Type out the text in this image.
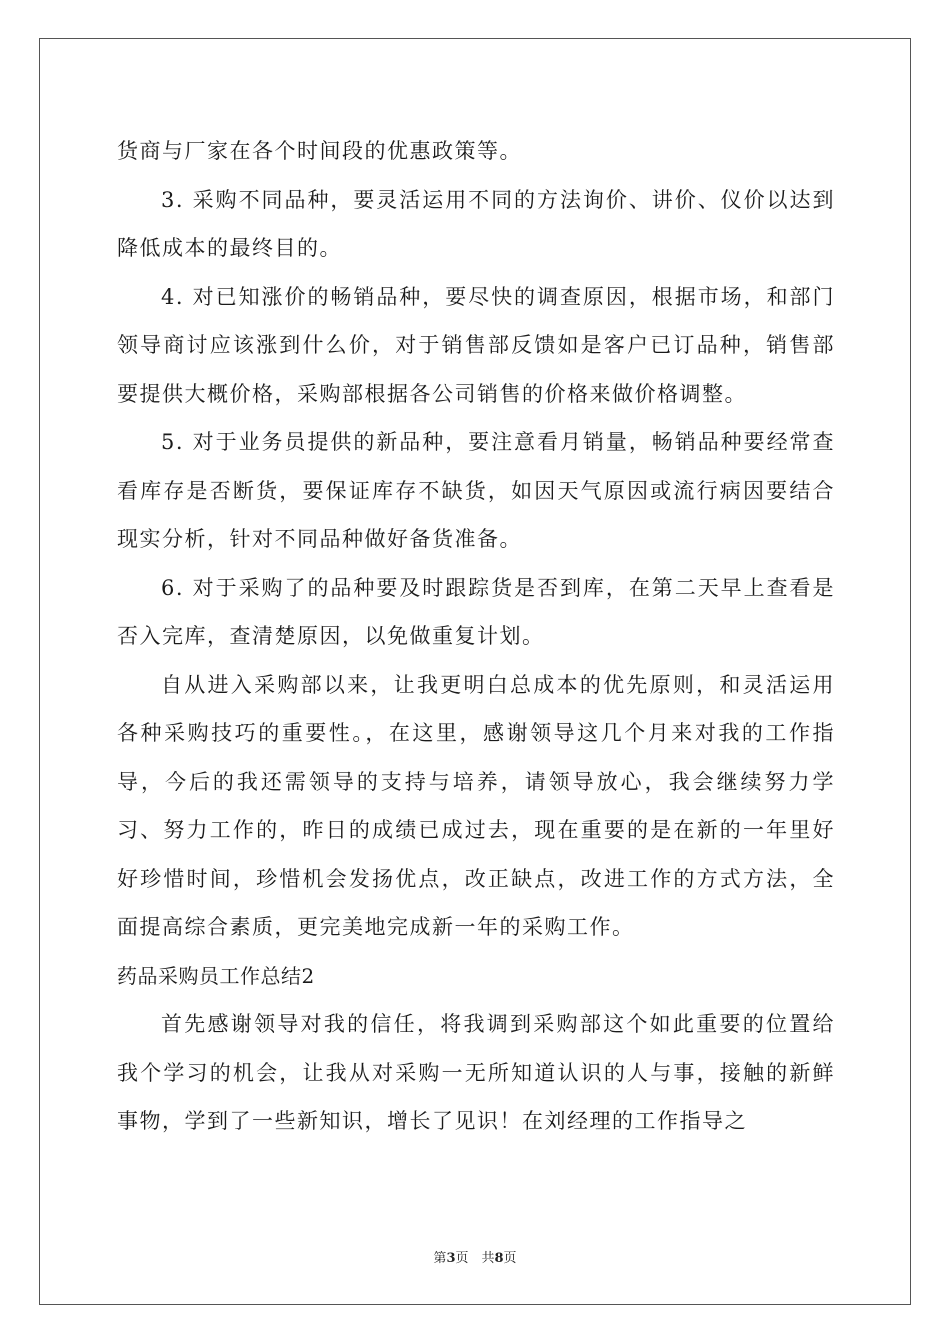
货商与厂家在各个时间段的优惠政策等。

3. 采购不同品种，要灵活运用不同的方法询价、讲价、仪价以达到降低成本的最终目的。

4. 对已知涨价的畅销品种，要尽快的调查原因，根据市场，和部门领导商讨应该涨到什么价，对于销售部反馈如是客户已订品种，销售部要提供大概价格，采购部根据各公司销售的价格来做价格调整。

5. 对于业务员提供的新品种，要注意看月销量，畅销品种要经常查看库存是否断货，要保证库存不缺货，如因天气原因或流行病因要结合现实分析，针对不同品种做好备货准备。

6. 对于采购了的品种要及时跟踪货是否到库，在第二天早上查看是否入完库，查清楚原因，以免做重复计划。

自从进入采购部以来，让我更明白总成本的优先原则，和灵活运用各种采购技巧的重要性。，在这里，感谢领导这几个月来对我的工作指导，今后的我还需领导的支持与培养，请领导放心，我会继续努力学习、努力工作的，昨日的成绩已成过去，现在重要的是在新的一年里好好珍惜时间，珍惜机会发扬优点，改正缺点，改进工作的方式方法，全面提高综合素质，更完美地完成新一年的采购工作。

药品采购员工作总结2

首先感谢领导对我的信任，将我调到采购部这个如此重要的位置给我个学习的机会，让我从对采购一无所知道认识的人与事，接触的新鲜事物，学到了一些新知识，增长了见识！在刘经理的工作指导之

第3页　共8页
